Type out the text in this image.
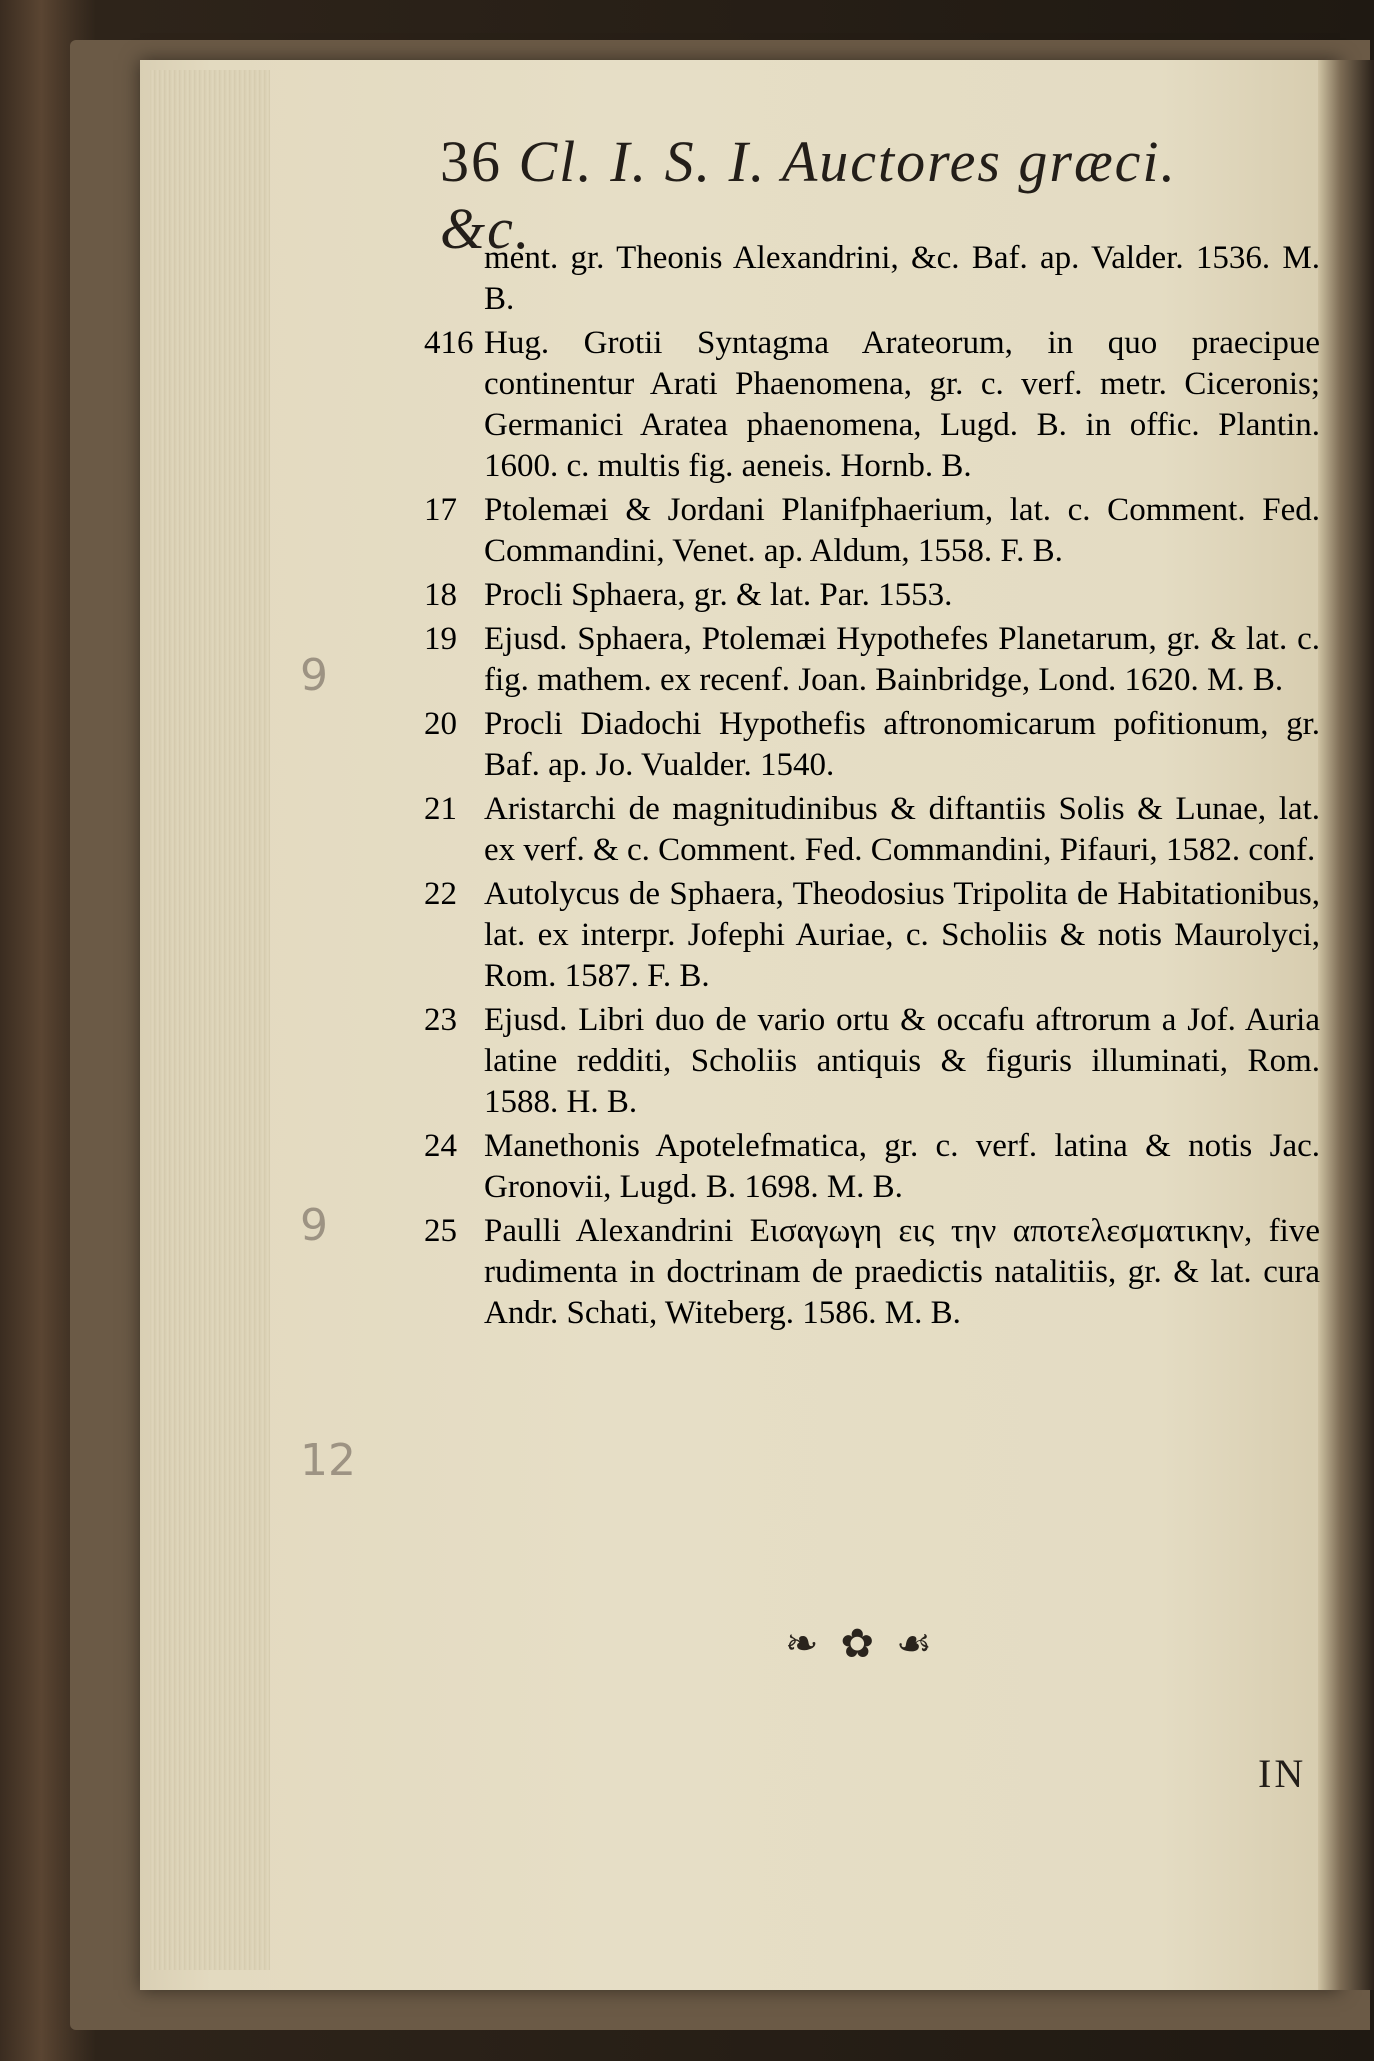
36 Cl. I. S. I. Auctores græci. &c.
ment. gr. Theonis Alexandrini, &c. Baf. ap. Valder. 1536. M. B.
416 Hug. Grotii Syntagma Arateorum, in quo praecipue continentur Arati Phaenomena, gr. c. verf. metr. Ciceronis; Germanici Aratea phaenomena, Lugd. B. in offic. Plantin. 1600. c. multis fig. aeneis. Hornb. B.
17 Ptolemæi & Jordani Planifphaerium, lat. c. Comment. Fed. Commandini, Venet. ap. Aldum, 1558. F. B.
18 Procli Sphaera, gr. & lat. Par. 1553.
19 Ejusd. Sphaera, Ptolemæi Hypothefes Planetarum, gr. & lat. c. fig. mathem. ex recenf. Joan. Bainbridge, Lond. 1620. M. B.
20 Procli Diadochi Hypothefis aftronomicarum pofitionum, gr. Baf. ap. Jo. Vualder. 1540.
21 Aristarchi de magnitudinibus & diftantiis Solis & Lunae, lat. ex verf. & c. Comment. Fed. Commandini, Pifauri, 1582. conf.
22 Autolycus de Sphaera, Theodosius Tripolita de Habitationibus, lat. ex interpr. Jofephi Auriae, c. Scholiis & notis Maurolyci, Rom. 1587. F. B.
23 Ejusd. Libri duo de vario ortu & occafu aftrorum a Jof. Auria latine redditi, Scholiis antiquis & figuris illuminati, Rom. 1588. H. B.
24 Manethonis Apotelefmatica, gr. c. verf. latina & notis Jac. Gronovii, Lugd. B. 1698. M. B.
25 Paulli Alexandrini Εισαγωγη εις την αποτελεσματικην, five rudimenta in doctrinam de praedictis natalitiis, gr. & lat. cura Andr. Schati, Witeberg. 1586. M. B.
❧ ✿ ☙
IN
9
9
12
